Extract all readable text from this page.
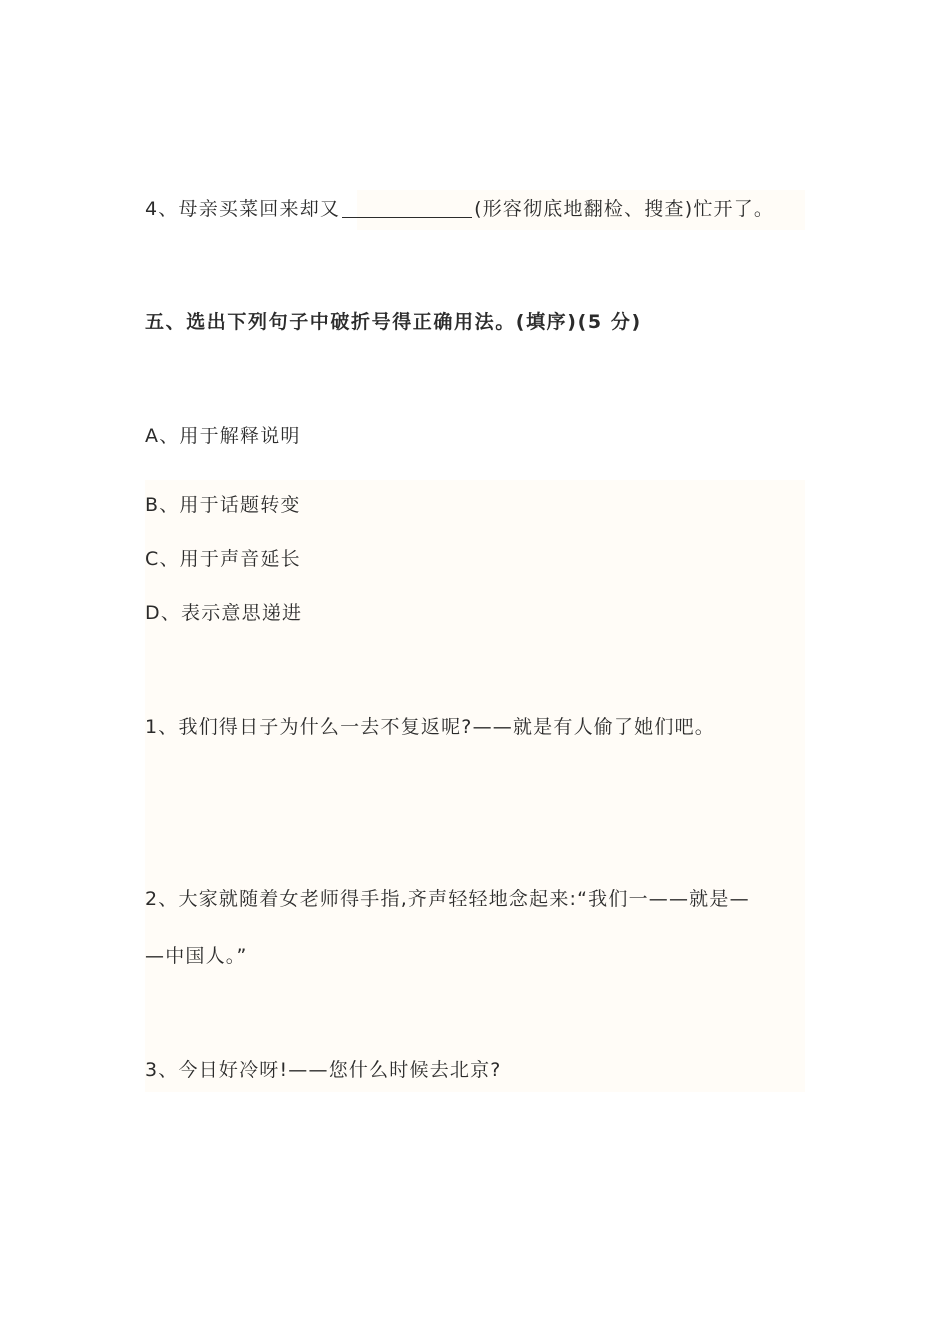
4、母亲买菜回来却又	(形容彻底地翻检、搜查)忙开了。
五、选出下列句子中破折号得正确用法。(填序)(5 分)
A、用于解释说明
B、用于话题转变
C、用于声音延长
D、表示意思递进
1、我们得日子为什么一去不复返呢?——就是有人偷了她们吧。
2、大家就随着女老师得手指,齐声轻轻地念起来:“我们一——就是—
—中国人。”
3、今日好冷呀!——您什么时候去北京?
